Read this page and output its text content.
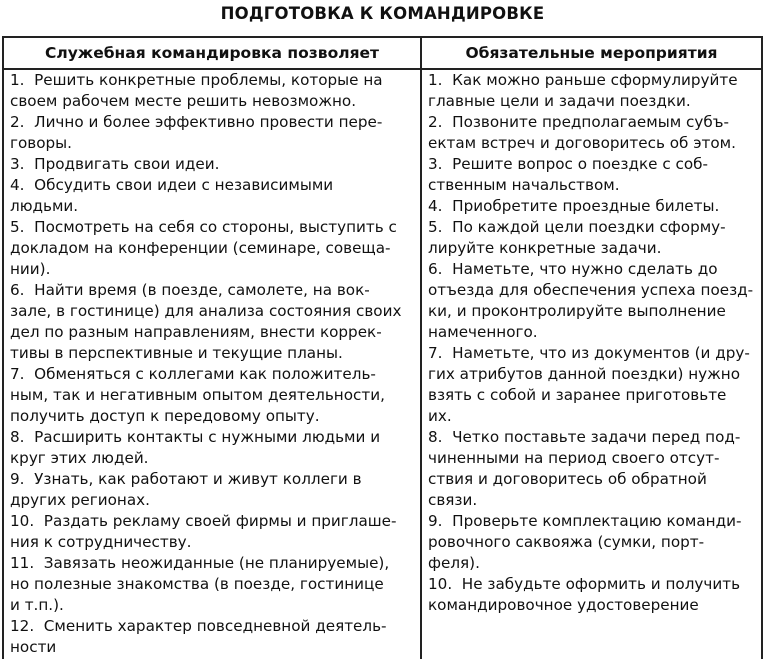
ПОДГОТОВКА К КОМАНДИРОВКЕ
Служебная командировка позволяет	Обязательные мероприятия
1.  Решить конкретные проблемы, которые на
своем рабочем месте решить невозможно.
2.  Лично и более эффективно провести пере-
говоры.
3.  Продвигать свои идеи.
4.  Обсудить свои идеи с независимыми
людьми.
5.  Посмотреть на себя со стороны, выступить с
докладом на конференции (семинаре, совеща-
нии).
6.  Найти время (в поезде, самолете, на вок-
зале, в гостинице) для анализа состояния своих
дел по разным направлениям, внести коррек-
тивы в перспективные и текущие планы.
7.  Обменяться с коллегами как положитель-
ным, так и негативным опытом деятельности,
получить доступ к передовому опыту.
8.  Расширить контакты с нужными людьми и
круг этих людей.
9.  Узнать, как работают и живут коллеги в
других регионах.
10.  Раздать рекламу своей фирмы и приглаше-
ния к сотрудничеству.
11.  Завязать неожиданные (не планируемые),
но полезные знакомства (в поезде, гостинице
и т.п.).
12.  Сменить характер повседневной деятель-
ности
1.  Как можно раньше сформулируйте
главные цели и задачи поездки.
2.  Позвоните предполагаемым субъ-
ектам встреч и договоритесь об этом.
3.  Решите вопрос о поездке с соб-
ственным начальством.
4.  Приобретите проездные билеты.
5.  По каждой цели поездки сформу-
лируйте конкретные задачи.
6.  Наметьте, что нужно сделать до
отъезда для обеспечения успеха поезд-
ки, и проконтролируйте выполнение
намеченного.
7.  Наметьте, что из документов (и дру-
гих атрибутов данной поездки) нужно
взять с собой и заранее приготовьте
их.
8.  Четко поставьте задачи перед под-
чиненными на период своего отсут-
ствия и договоритесь об обратной
связи.
9.  Проверьте комплектацию команди-
ровочного саквояжа (сумки, порт-
феля).
10.  Не забудьте оформить и получить
командировочное удостоверение
